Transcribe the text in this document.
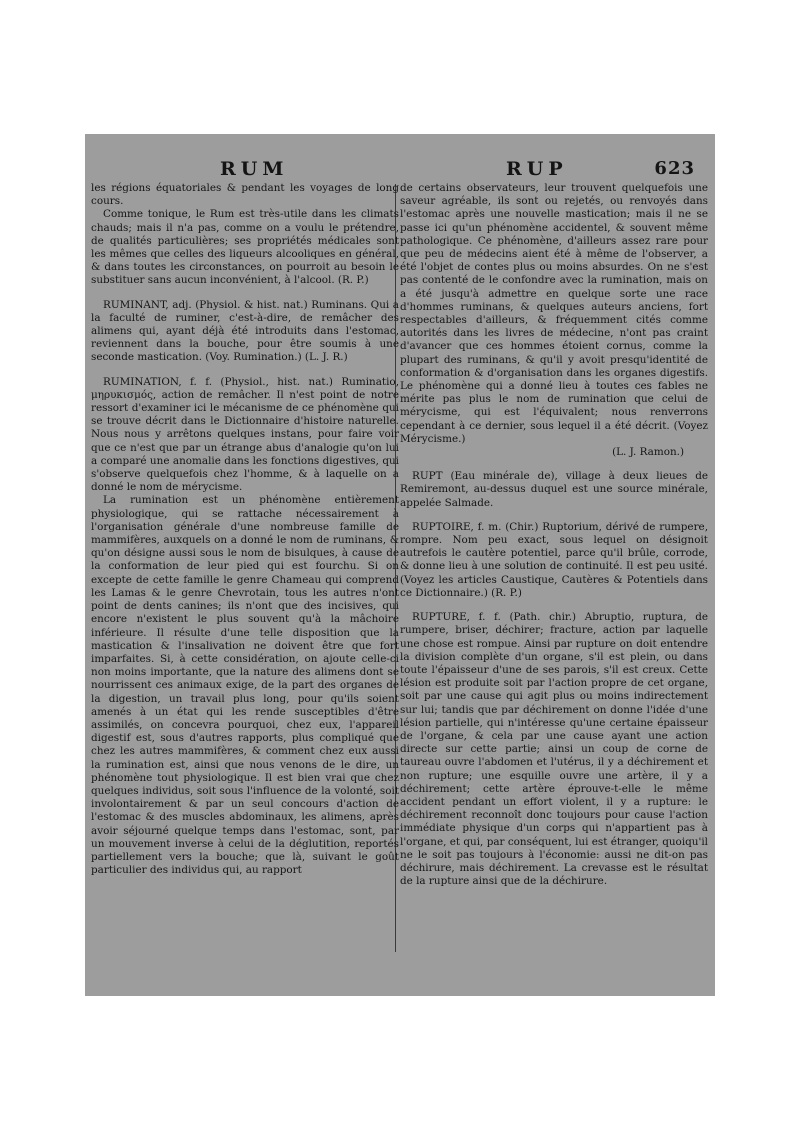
RUM	RUP	623

les régions équatoriales & pendant les voyages de long cours.

Comme tonique, le Rum est très-utile dans les climats chauds; mais il n'a pas, comme on a voulu le prétendre, de qualités particulières; ses propriétés médicales sont les mêmes que celles des liqueurs alcooliques en général, & dans toutes les circonstances, on pourroit au besoin le substituer sans aucun inconvénient, à l'alcool. (R. P.)

RUMINANT, adj. (Physiol. & hist. nat.) Ruminans. Qui a la faculté de ruminer, c'est-à-dire, de remâcher des alimens qui, ayant déjà été introduits dans l'estomac, reviennent dans la bouche, pour être soumis à une seconde mastication. (Voy. Rumination.) (L. J. R.)

RUMINATION, f. f. (Physiol., hist. nat.) Ruminatio, μηρυκισμός, action de remâcher. Il n'est point de notre ressort d'examiner ici le mécanisme de ce phénomène qui se trouve décrit dans le Dictionnaire d'histoire naturelle. Nous nous y arrêtons quelques instans, pour faire voir que ce n'est que par un étrange abus d'analogie qu'on lui a comparé une anomalie dans les fonctions digestives, qui s'observe quelquefois chez l'homme, & à laquelle on a donné le nom de mérycisme.

La rumination est un phénomène entièrement physiologique, qui se rattache nécessairement à l'organisation générale d'une nombreuse famille de mammifères, auxquels on a donné le nom de ruminans, & qu'on désigne aussi sous le nom de bisulques, à cause de la conformation de leur pied qui est fourchu. Si on excepte de cette famille le genre Chameau qui comprend les Lamas & le genre Chevrotain, tous les autres n'ont point de dents canines; ils n'ont que des incisives, qui encore n'existent le plus souvent qu'à la mâchoire inférieure. Il résulte d'une telle disposition que la mastication & l'insalivation ne doivent être que fort imparfaites. Si, à cette considération, on ajoute celle-ci non moins importante, que la nature des alimens dont se nourrissent ces animaux exige, de la part des organes de la digestion, un travail plus long, pour qu'ils soient amenés à un état qui les rende susceptibles d'être assimilés, on concevra pourquoi, chez eux, l'appareil digestif est, sous d'autres rapports, plus compliqué que chez les autres mammifères, & comment chez eux aussi la rumination est, ainsi que nous venons de le dire, un phénomène tout physiologique. Il est bien vrai que chez quelques individus, soit sous l'influence de la volonté, soit involontairement & par un seul concours d'action de l'estomac & des muscles abdominaux, les alimens, après avoir séjourné quelque temps dans l'estomac, sont, par un mouvement inverse à celui de la déglutition, reportés partiellement vers la bouche; que là, suivant le goût particulier des individus qui, au rapport

de certains observateurs, leur trouvent quelquefois une saveur agréable, ils sont ou rejetés, ou renvoyés dans l'estomac après une nouvelle mastication; mais il ne se passe ici qu'un phénomène accidentel, & souvent même pathologique. Ce phénomène, d'ailleurs assez rare pour que peu de médecins aient été à même de l'observer, a été l'objet de contes plus ou moins absurdes. On ne s'est pas contenté de le confondre avec la rumination, mais on a été jusqu'à admettre en quelque sorte une race d'hommes ruminans, & quelques auteurs anciens, fort respectables d'ailleurs, & fréquemment cités comme autorités dans les livres de médecine, n'ont pas craint d'avancer que ces hommes étoient cornus, comme la plupart des ruminans, & qu'il y avoit presqu'identité de conformation & d'organisation dans les organes digestifs. Le phénomène qui a donné lieu à toutes ces fables ne mérite pas plus le nom de rumination que celui de mérycisme, qui est l'équivalent; nous renverrons cependant à ce dernier, sous lequel il a été décrit. (Voyez Mérycisme.)

(L. J. Ramon.)

RUPT (Eau minérale de), village à deux lieues de Remiremont, au-dessus duquel est une source minérale, appelée Salmade.

RUPTOIRE, f. m. (Chir.) Ruptorium, dérivé de rumpere, rompre. Nom peu exact, sous lequel on désignoit autrefois le cautère potentiel, parce qu'il brûle, corrode, & donne lieu à une solution de continuité. Il est peu usité. (Voyez les articles Caustique, Cautères & Potentiels dans ce Dictionnaire.) (R. P.)

RUPTURE, f. f. (Path. chir.) Abruptio, ruptura, de rumpere, briser, déchirer; fracture, action par laquelle une chose est rompue. Ainsi par rupture on doit entendre la division complète d'un organe, s'il est plein, ou dans toute l'épaisseur d'une de ses parois, s'il est creux. Cette lésion est produite soit par l'action propre de cet organe, soit par une cause qui agit plus ou moins indirectement sur lui; tandis que par déchirement on donne l'idée d'une lésion partielle, qui n'intéresse qu'une certaine épaisseur de l'organe, & cela par une cause ayant une action directe sur cette partie; ainsi un coup de corne de taureau ouvre l'abdomen et l'utérus, il y a déchirement et non rupture; une esquille ouvre une artère, il y a déchirement; cette artère éprouve-t-elle le même accident pendant un effort violent, il y a rupture: le déchirement reconnoît donc toujours pour cause l'action immédiate physique d'un corps qui n'appartient pas à l'organe, et qui, par conséquent, lui est étranger, quoiqu'il ne le soit pas toujours à l'économie: aussi ne dit-on pas déchirure, mais déchirement. La crevasse est le résultat de la rupture ainsi que de la déchirure.
